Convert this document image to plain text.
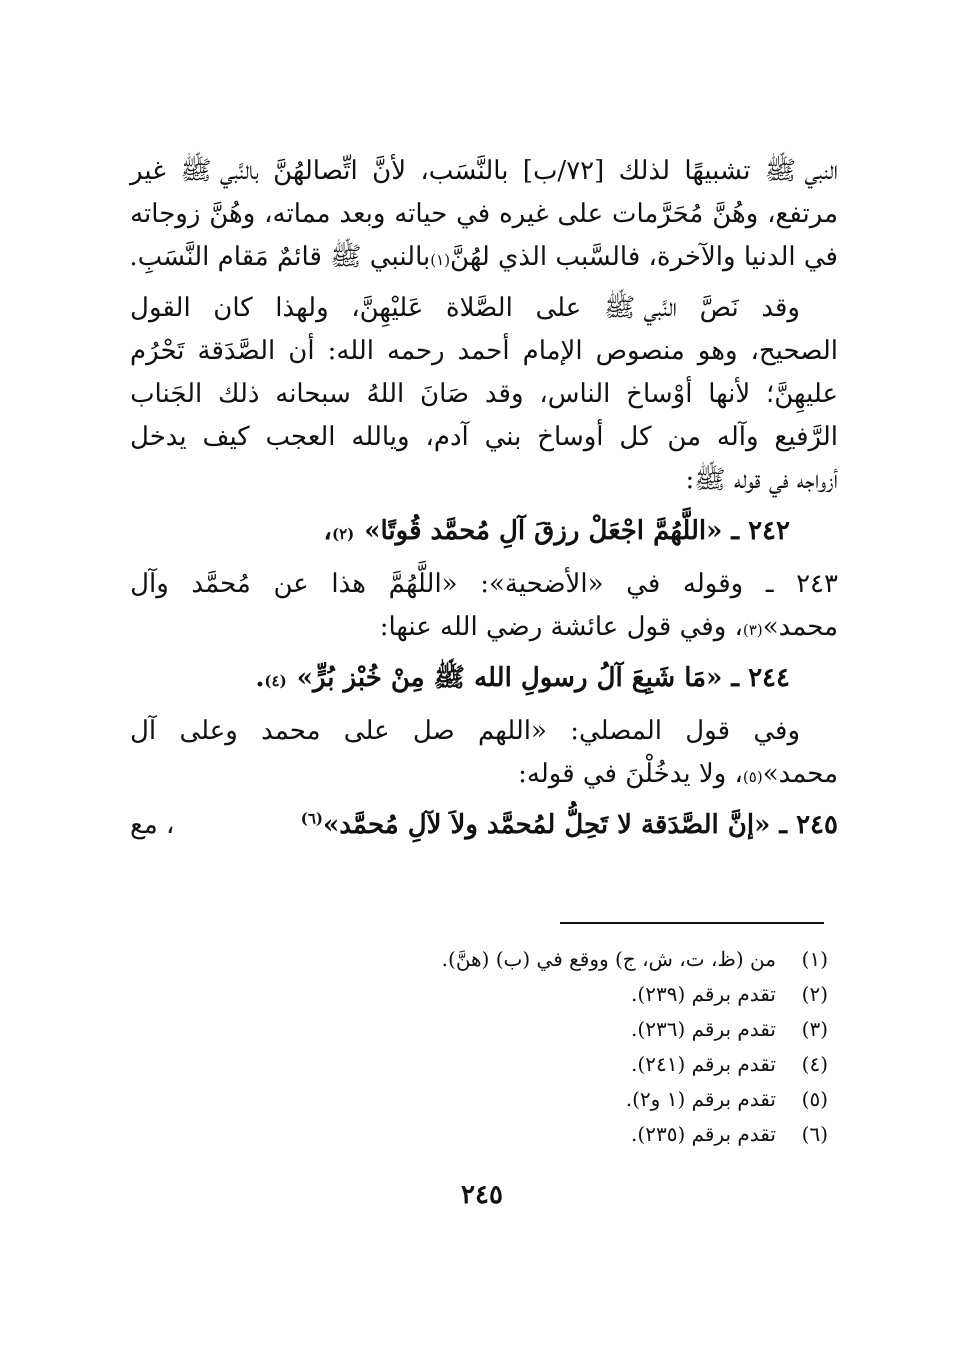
النبي ﷺ
تشبيهًا
لذلك
[٧٢/ب]
بالنَّسَب،
لأنَّ
اتِّصالهُنَّ
بالنَّبي ﷺ
غير
مرتفع،
وهُنَّ
مُحَرَّمات
على
غيره
في
حياته
وبعد
مماته،
وهُنَّ
زوجاته
في الدنيا والآخرة، فالسَّبب الذي لهُنَّ
(١)
بالنبي ﷺ قائمٌ مَقام النَّسَبِ.
وقد
نَصَّ
النَّبي ﷺ
على
الصَّلاة
عَليْهِنَّ،
ولهذا
كان
القول
الصحيح،
وهو
منصوص
الإمام
أحمد
رحمه
الله:
أن
الصَّدَقة
تَحْرُم
عليهِنَّ؛
لأنها
أوْساخ
الناس،
وقد
صَانَ
اللهُ
سبحانه
ذلك
الجَناب
الرَّفيع
وآله
من
كل
أوساخ
بني
آدم،
ويالله
العجب
كيف
يدخل
أزواجه في قوله ﷺ:
٢٤٢ ـ «اللَّهُمَّ اجْعَلْ رزقَ آلِ مُحمَّد قُوتًا»
(٢)
،
٢٤٣
ـ
وقوله
في
«الأضحية»:
«اللَّهُمَّ
هذا
عن
مُحمَّد
وآل
محمد»
(٣)
، وفي قول عائشة رضي الله عنها:
٢٤٤ ـ «مَا شَبِعَ آلُ رسولِ الله ﷺ مِنْ خُبْز بُرٍّ»
(٤)
.
وفي
قول
المصلي:
«اللهم
صل
على
محمد
وعلى
آل
محمد»
(٥)
، ولا يدخُلْنَ في قوله:
٢٤٥ ـ «إنَّ الصَّدَقة لا تَحِلُّ لمُحمَّد ولاَ لآلِ مُحمَّد»$^{(٦)}$
، مع
(١)
من (ظ، ت، ش، ج) ووقع في (ب) (هنَّ).
(٢)
تقدم برقم (٢٣٩).
(٣)
تقدم برقم (٢٣٦).
(٤)
تقدم برقم (٢٤١).
(٥)
تقدم برقم (١ و٢).
(٦)
تقدم برقم (٢٣٥).
٢٤٥
